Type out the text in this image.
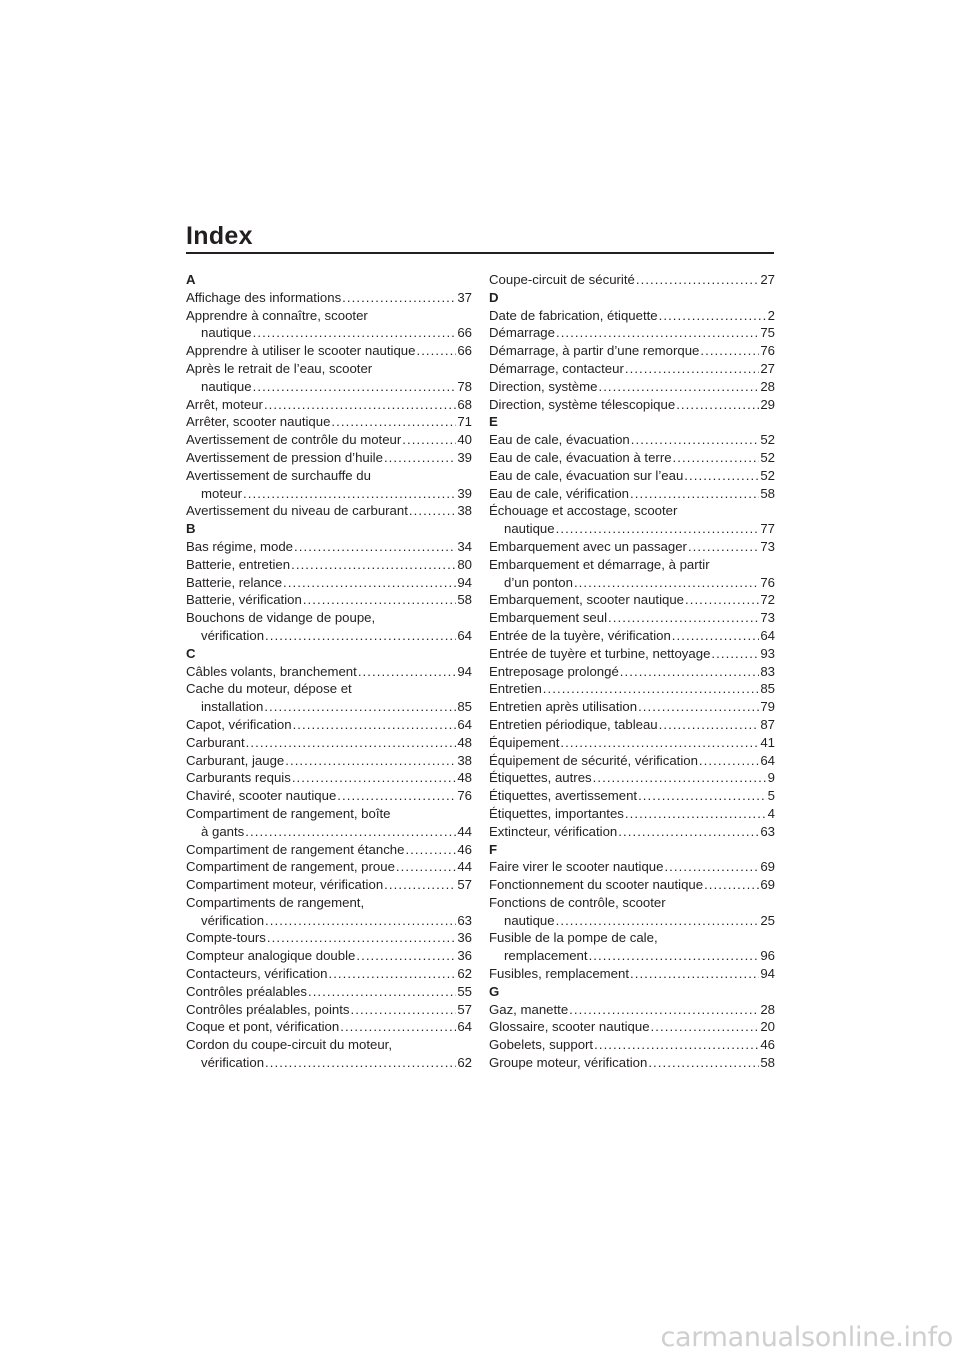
Index
A
Affichage des informations . . .	37
Apprendre à connaître, scooter
nautique . . .	66
Apprendre à utiliser le scooter nautique . . .	66
Après le retrait de l’eau, scooter
nautique . . .	78
Arrêt, moteur . . .	68
Arrêter, scooter nautique . . .	71
Avertissement de contrôle du moteur . . .	40
Avertissement de pression d’huile . . .	39
Avertissement de surchauffe du
moteur . . .	39
Avertissement du niveau de carburant . . .	38
B
Bas régime, mode . . .	34
Batterie, entretien . . .	80
Batterie, relance . . .	94
Batterie, vérification . . .	58
Bouchons de vidange de poupe,
vérification . . .	64
C
Câbles volants, branchement . . .	94
Cache du moteur, dépose et
installation . . .	85
Capot, vérification . . .	64
Carburant . . .	48
Carburant, jauge . . .	38
Carburants requis . . .	48
Chaviré, scooter nautique . . .	76
Compartiment de rangement, boîte
à gants . . .	44
Compartiment de rangement étanche . . .	46
Compartiment de rangement, proue . . .	44
Compartiment moteur, vérification . . .	57
Compartiments de rangement,
vérification . . .	63
Compte-tours . . .	36
Compteur analogique double . . .	36
Contacteurs, vérification . . .	62
Contrôles préalables . . .	55
Contrôles préalables, points . . .	57
Coque et pont, vérification . . .	64
Cordon du coupe-circuit du moteur,
vérification . . .	62
Coupe-circuit de sécurité . . .	27
D
Date de fabrication, étiquette . . .	2
Démarrage . . .	75
Démarrage, à partir d’une remorque . . .	76
Démarrage, contacteur . . .	27
Direction, système . . .	28
Direction, système télescopique . . .	29
E
Eau de cale, évacuation . . .	52
Eau de cale, évacuation à terre . . .	52
Eau de cale, évacuation sur l’eau . . .	52
Eau de cale, vérification . . .	58
Échouage et accostage, scooter
nautique . . .	77
Embarquement avec un passager . . .	73
Embarquement et démarrage, à partir
d’un ponton . . .	76
Embarquement, scooter nautique . . .	72
Embarquement seul . . .	73
Entrée de la tuyère, vérification . . .	64
Entrée de tuyère et turbine, nettoyage . . .	93
Entreposage prolongé . . .	83
Entretien . . .	85
Entretien après utilisation . . .	79
Entretien périodique, tableau . . .	87
Équipement . . .	41
Équipement de sécurité, vérification . . .	64
Étiquettes, autres . . .	9
Étiquettes, avertissement . . .	5
Étiquettes, importantes . . .	4
Extincteur, vérification . . .	63
F
Faire virer le scooter nautique . . .	69
Fonctionnement du scooter nautique . . .	69
Fonctions de contrôle, scooter
nautique . . .	25
Fusible de la pompe de cale,
remplacement . . .	96
Fusibles, remplacement . . .	94
G
Gaz, manette . . .	28
Glossaire, scooter nautique . . .	20
Gobelets, support . . .	46
Groupe moteur, vérification . . .	58
carmanualsonline.info
